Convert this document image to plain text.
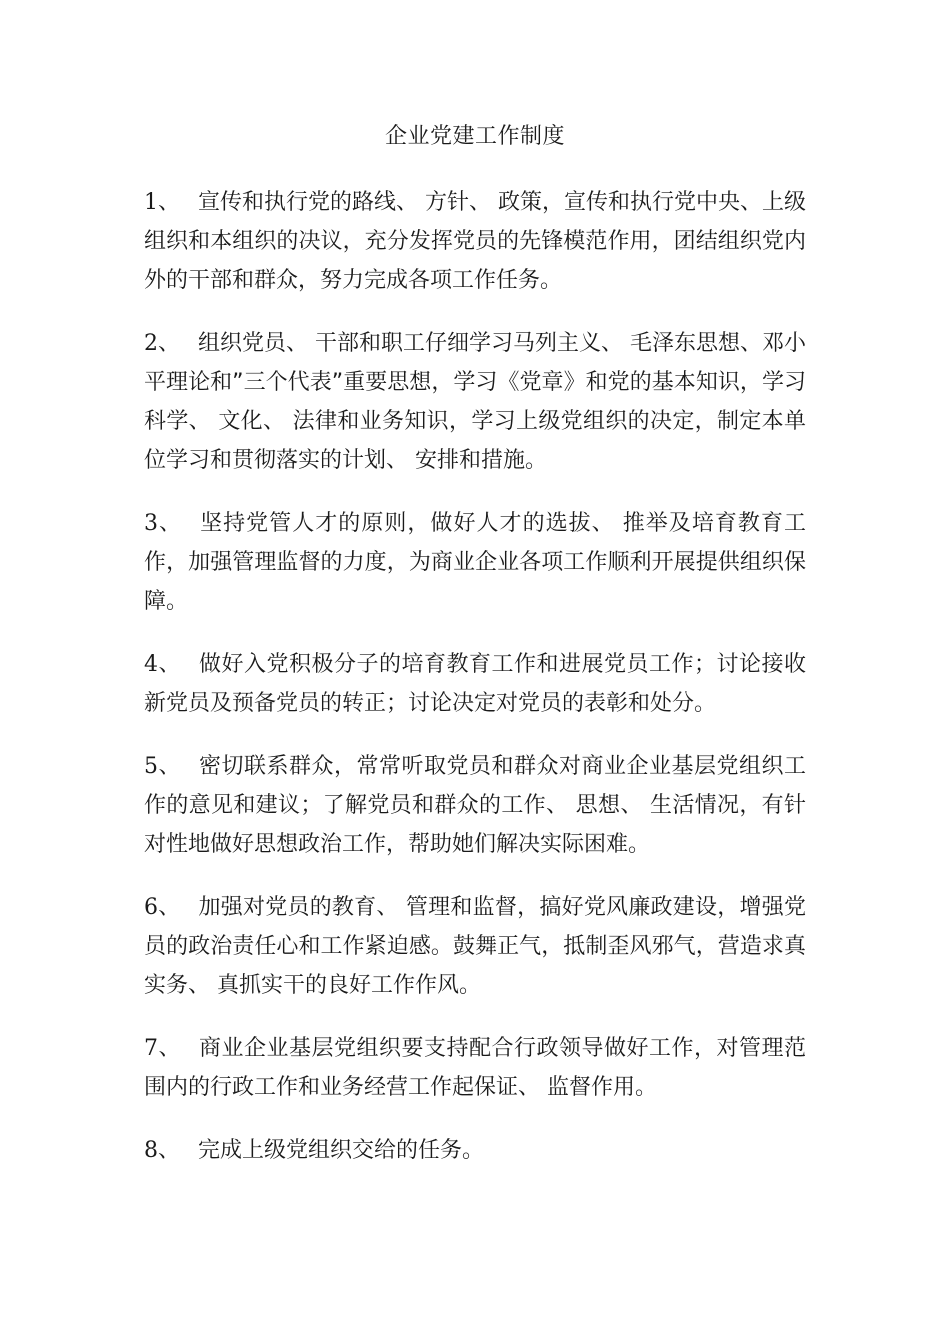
企业党建工作制度
1、 宣传和执行党的路线、 方针、 政策，宣传和执行党中央、上级组织和本组织的决议，充分发挥党员的先锋模范作用，团结组织党内外的干部和群众，努力完成各项工作任务。
2、 组织党员、 干部和职工仔细学习马列主义、 毛泽东思想、邓小平理论和”三个代表”重要思想，学习《党章》和党的基本知识，学习科学、 文化、 法律和业务知识，学习上级党组织的决定，制定本单位学习和贯彻落实的计划、 安排和措施。
3、 坚持党管人才的原则，做好人才的选拔、 推举及培育教育工作，加强管理监督的力度，为商业企业各项工作顺利开展提供组织保障。
4、 做好入党积极分子的培育教育工作和进展党员工作；讨论接收新党员及预备党员的转正；讨论决定对党员的表彰和处分。
5、 密切联系群众，常常听取党员和群众对商业企业基层党组织工作的意见和建议；了解党员和群众的工作、 思想、 生活情况，有针对性地做好思想政治工作，帮助她们解决实际困难。
6、 加强对党员的教育、 管理和监督，搞好党风廉政建设，增强党员的政治责任心和工作紧迫感。鼓舞正气，抵制歪风邪气，营造求真实务、 真抓实干的良好工作作风。
7、 商业企业基层党组织要支持配合行政领导做好工作，对管理范围内的行政工作和业务经营工作起保证、 监督作用。
8、 完成上级党组织交给的任务。
